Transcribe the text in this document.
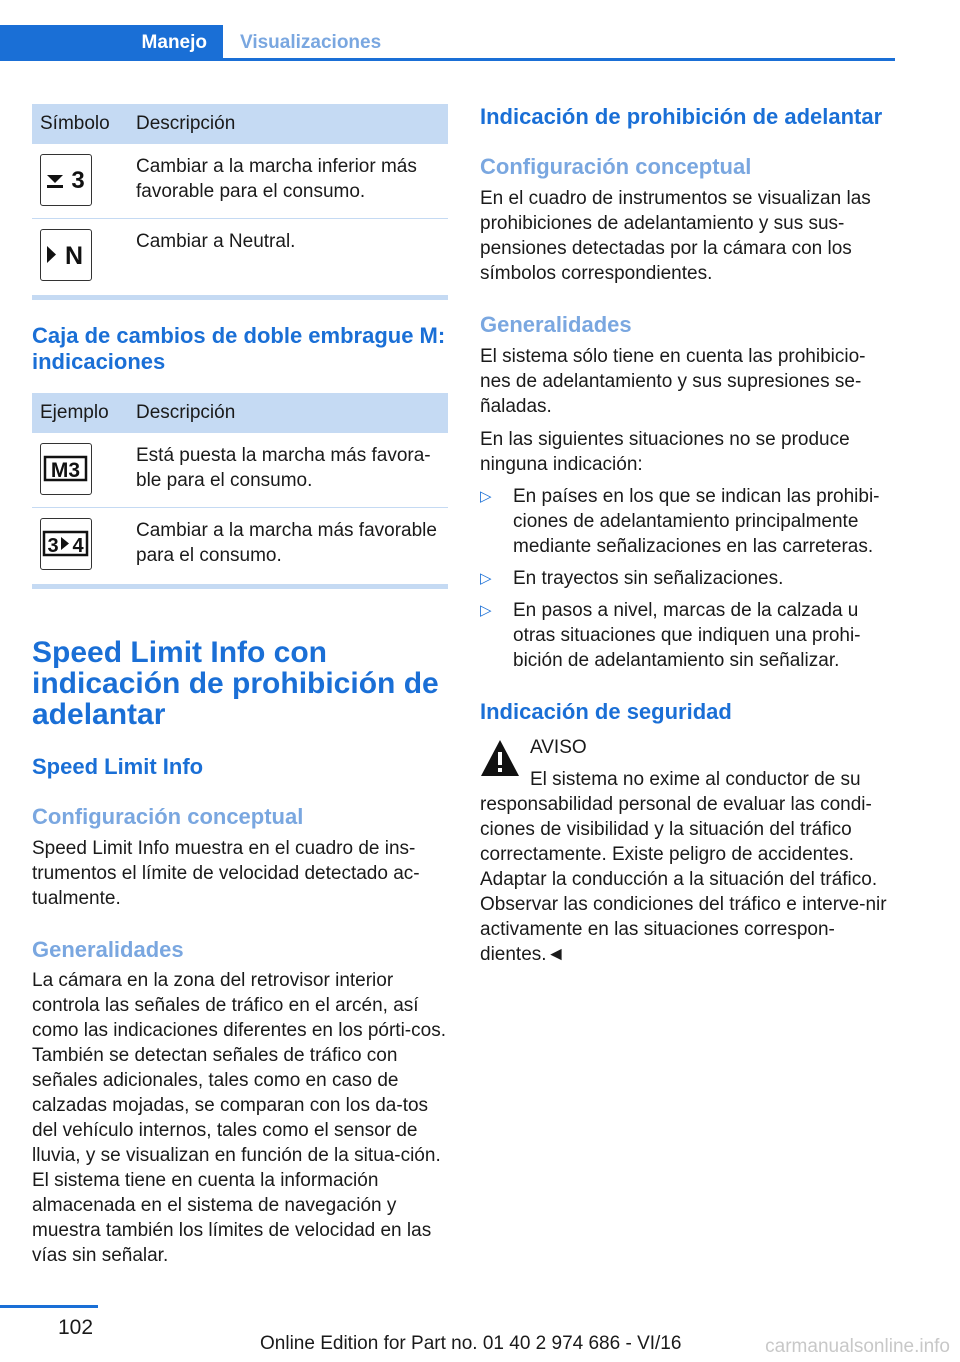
Manejo Visualizaciones
Símbolo	Descripción

3	Cambiar a la marcha inferior más favorable para el consumo.

N	Cambiar a Neutral.
Caja de cambios de doble embrague M: indicaciones
Ejemplo	Descripción

M3	Está puesta la marcha más favora-ble para el consumo.

3 4	Cambiar a la marcha más favorable para el consumo.
Speed Limit Info con indicación de prohibición de adelantar
Speed Limit Info
Configuración conceptual

Speed Limit Info muestra en el cuadro de ins-trumentos el límite de velocidad detectado ac-tualmente.

Generalidades

La cámara en la zona del retrovisor interior controla las señales de tráfico en el arcén, así como las indicaciones diferentes en los pórti-cos. También se detectan señales de tráfico con señales adicionales, tales como en caso de calzadas mojadas, se comparan con los da-tos del vehículo internos, tales como el sensor de lluvia, y se visualizan en función de la situa-ción. El sistema tiene en cuenta la información almacenada en el sistema de navegación y muestra también los límites de velocidad en las vías sin señalar.

Indicación de prohibición de adelantar
Configuración conceptual

En el cuadro de instrumentos se visualizan las prohibiciones de adelantamiento y sus sus-pensiones detectadas por la cámara con los símbolos correspondientes.

Generalidades

El sistema sólo tiene en cuenta las prohibicio-nes de adelantamiento y sus supresiones se-ñaladas.

En las siguientes situaciones no se produce ninguna indicación:

▷ En países en los que se indican las prohibi-ciones de adelantamiento principalmente mediante señalizaciones en las carreteras.
▷ En trayectos sin señalizaciones.
▷ En pasos a nivel, marcas de la calzada u otras situaciones que indiquen una prohi-bición de adelantamiento sin señalizar.
Indicación de seguridad

AVISO

El sistema no exime al conductor de su responsabilidad personal de evaluar las condi-ciones de visibilidad y la situación del tráfico correctamente. Existe peligro de accidentes. Adaptar la conducción a la situación del tráfico. Observar las condiciones del tráfico e interve-nir activamente en las situaciones correspon-dientes.◄

102
Online Edition for Part no. 01 40 2 974 686 - VI/16	carmanualsonline.info
